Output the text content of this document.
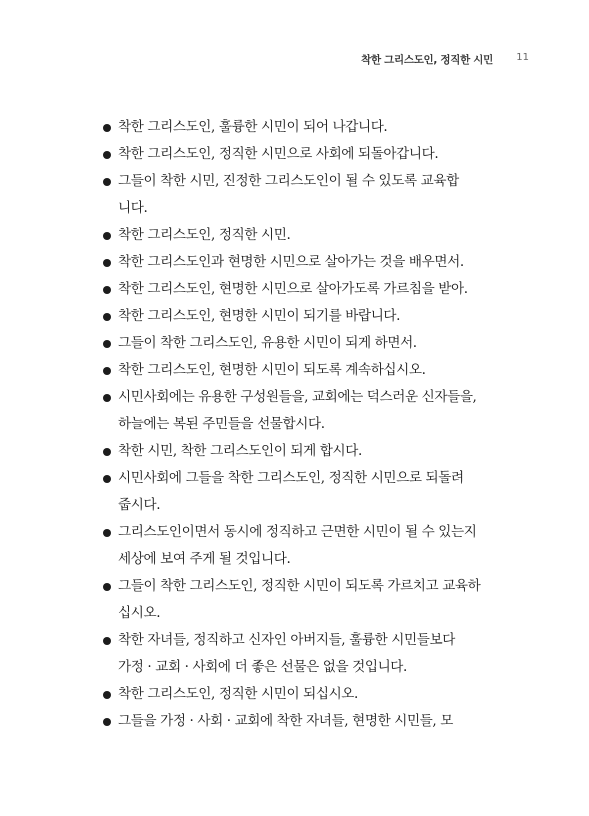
착한 그리스도인, 정직한 시민 11
착한 그리스도인, 훌륭한 시민이 되어 나갑니다.
착한 그리스도인, 정직한 시민으로 사회에 되돌아갑니다.
그들이 착한 시민, 진정한 그리스도인이 될 수 있도록 교육합
니다.
착한 그리스도인, 정직한 시민.
착한 그리스도인과 현명한 시민으로 살아가는 것을 배우면서.
착한 그리스도인, 현명한 시민으로 살아가도록 가르침을 받아.
착한 그리스도인, 현명한 시민이 되기를 바랍니다.
그들이 착한 그리스도인, 유용한 시민이 되게 하면서.
착한 그리스도인, 현명한 시민이 되도록 계속하십시오.
시민사회에는 유용한 구성원들을, 교회에는 덕스러운 신자들을,
하늘에는 복된 주민들을 선물합시다.
착한 시민, 착한 그리스도인이 되게 합시다.
시민사회에 그들을 착한 그리스도인, 정직한 시민으로 되돌려
줍시다.
그리스도인이면서 동시에 정직하고 근면한 시민이 될 수 있는지
세상에 보여 주게 될 것입니다.
그들이 착한 그리스도인, 정직한 시민이 되도록 가르치고 교육하
십시오.
착한 자녀들, 정직하고 신자인 아버지들, 훌륭한 시민들보다
가정 · 교회 · 사회에 더 좋은 선물은 없을 것입니다.
착한 그리스도인, 정직한 시민이 되십시오.
그들을 가정 · 사회 · 교회에 착한 자녀들, 현명한 시민들, 모
